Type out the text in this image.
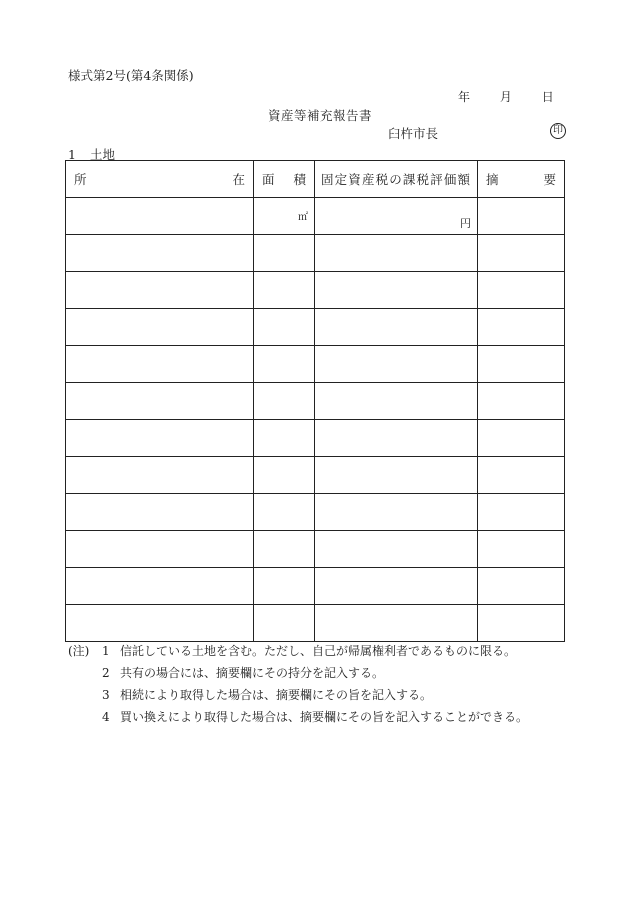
様式第2号(第4条関係)
年 月 日
資産等補充報告書
臼杵市長	印
1 土地
所 在	面 積	固定資産税の課税評価額	摘 要

	㎡	円	

(注)	1 信託している土地を含む。ただし、自己が帰属権利者であるものに限る。
2 共有の場合には、摘要欄にその持分を記入する。
3 相続により取得した場合は、摘要欄にその旨を記入する。
4 買い換えにより取得した場合は、摘要欄にその旨を記入することができる。
